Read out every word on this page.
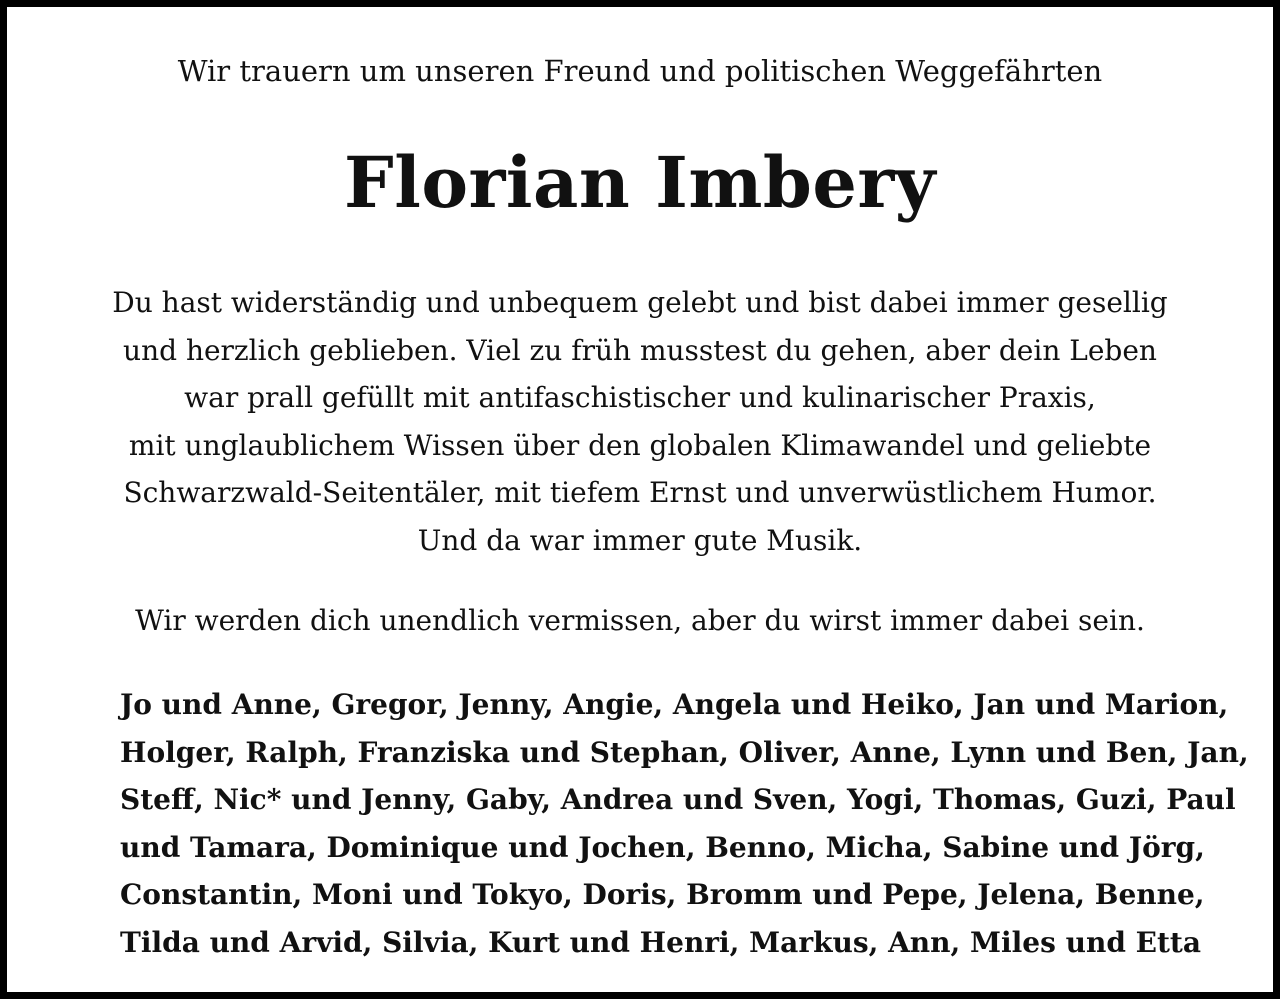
Wir trauern um unseren Freund und politischen Weggefährten
Florian Imbery
Du hast widerständig und unbequem gelebt und bist dabei immer gesellig
und herzlich geblieben. Viel zu früh musstest du gehen, aber dein Leben
war prall gefüllt mit antifaschistischer und kulinarischer Praxis,
mit unglaublichem Wissen über den globalen Klimawandel und geliebte
Schwarzwald-Seitentäler, mit tiefem Ernst und unverwüstlichem Humor.
Und da war immer gute Musik.
Wir werden dich unendlich vermissen, aber du wirst immer dabei sein.
Jo und Anne, Gregor, Jenny, Angie, Angela und Heiko, Jan und Marion,
Holger, Ralph, Franziska und Stephan, Oliver, Anne, Lynn und Ben, Jan,
Steff, Nic* und Jenny, Gaby, Andrea und Sven, Yogi, Thomas, Guzi, Paul
und Tamara, Dominique und Jochen, Benno, Micha, Sabine und Jörg,
Constantin, Moni und Tokyo, Doris, Bromm und Pepe, Jelena, Benne,
Tilda und Arvid, Silvia, Kurt und Henri, Markus, Ann, Miles und Etta
